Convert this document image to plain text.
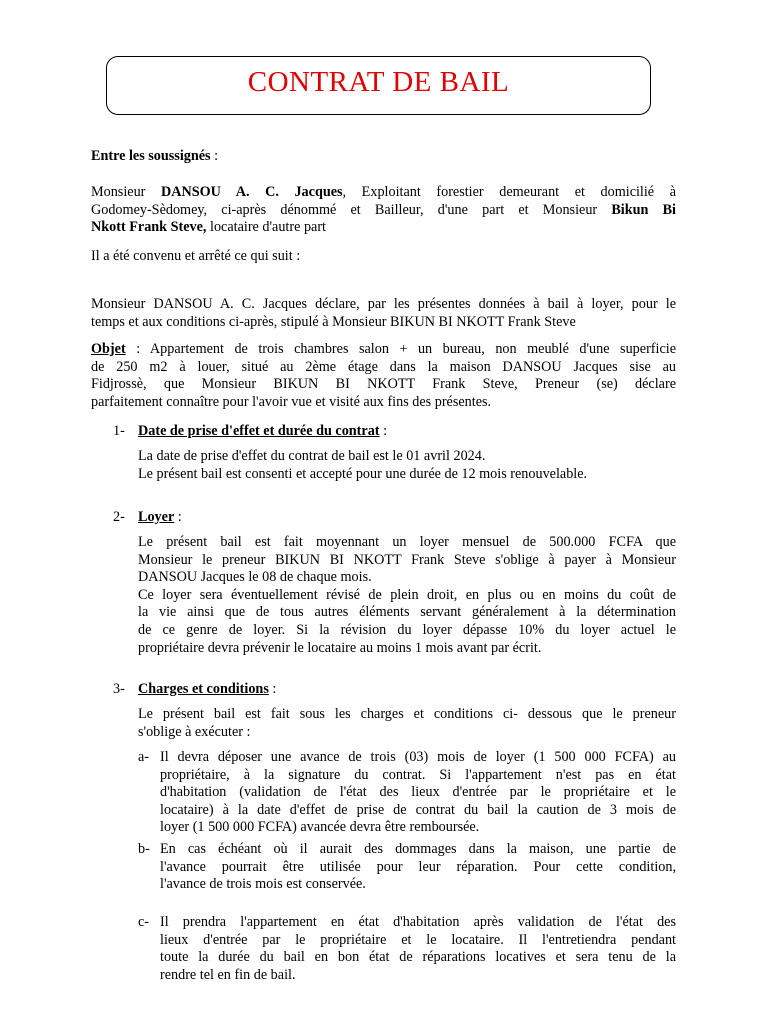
CONTRAT DE BAIL

Entre les soussignés :

Monsieur DANSOU A. C. Jacques, Exploitant forestier demeurant et domicilié à
Godomey-Sèdomey, ci-après dénommé et Bailleur, d'une part et Monsieur Bikun Bi
Nkott Frank Steve, locataire d'autre part

Il a été convenu et arrêté ce qui suit :

Monsieur DANSOU A. C. Jacques déclare, par les présentes données à bail à loyer, pour le
temps et aux conditions ci-après, stipulé à Monsieur BIKUN BI NKOTT Frank Steve
Objet : Appartement de trois chambres salon + un bureau, non meublé d'une superficie
de 250 m2 à louer, situé au 2ème étage dans la maison DANSOU Jacques sise au
Fidjrossè, que Monsieur BIKUN BI NKOTT Frank Steve, Preneur (se) déclare
parfaitement connaître pour l'avoir vue et visité aux fins des présentes.
1- Date de prise d'effet et durée du contrat :

La date de prise d'effet du contrat de bail est le 01 avril 2024.
Le présent bail est consenti et accepté pour une durée de 12 mois renouvelable.
2- Loyer :

Le présent bail est fait moyennant un loyer mensuel de 500.000 FCFA que
Monsieur le preneur BIKUN BI NKOTT Frank Steve s'oblige à payer à Monsieur
DANSOU Jacques le 08 de chaque mois.
Ce loyer sera éventuellement révisé de plein droit, en plus ou en moins du coût de
la vie ainsi que de tous autres éléments servant généralement à la détermination
de ce genre de loyer. Si la révision du loyer dépasse 10% du loyer actuel le
propriétaire devra prévenir le locataire au moins 1 mois avant par écrit.
3- Charges et conditions :

Le présent bail est fait sous les charges et conditions ci- dessous que le preneur
s'oblige à exécuter :
a- Il devra déposer une avance de trois (03) mois de loyer (1 500 000 FCFA) au
propriétaire, à la signature du contrat. Si l'appartement n'est pas en état
d'habitation (validation de l'état des lieux d'entrée par le propriétaire et le
locataire) à la date d'effet de prise de contrat du bail la caution de 3 mois de
loyer (1 500 000 FCFA) avancée devra être remboursée.
b- En cas échéant où il aurait des dommages dans la maison, une partie de
l'avance pourrait être utilisée pour leur réparation. Pour cette condition,
l'avance de trois mois est conservée.
c- Il prendra l'appartement en état d'habitation après validation de l'état des
lieux d'entrée par le propriétaire et le locataire. Il l'entretiendra pendant
toute la durée du bail en bon état de réparations locatives et sera tenu de la
rendre tel en fin de bail.
